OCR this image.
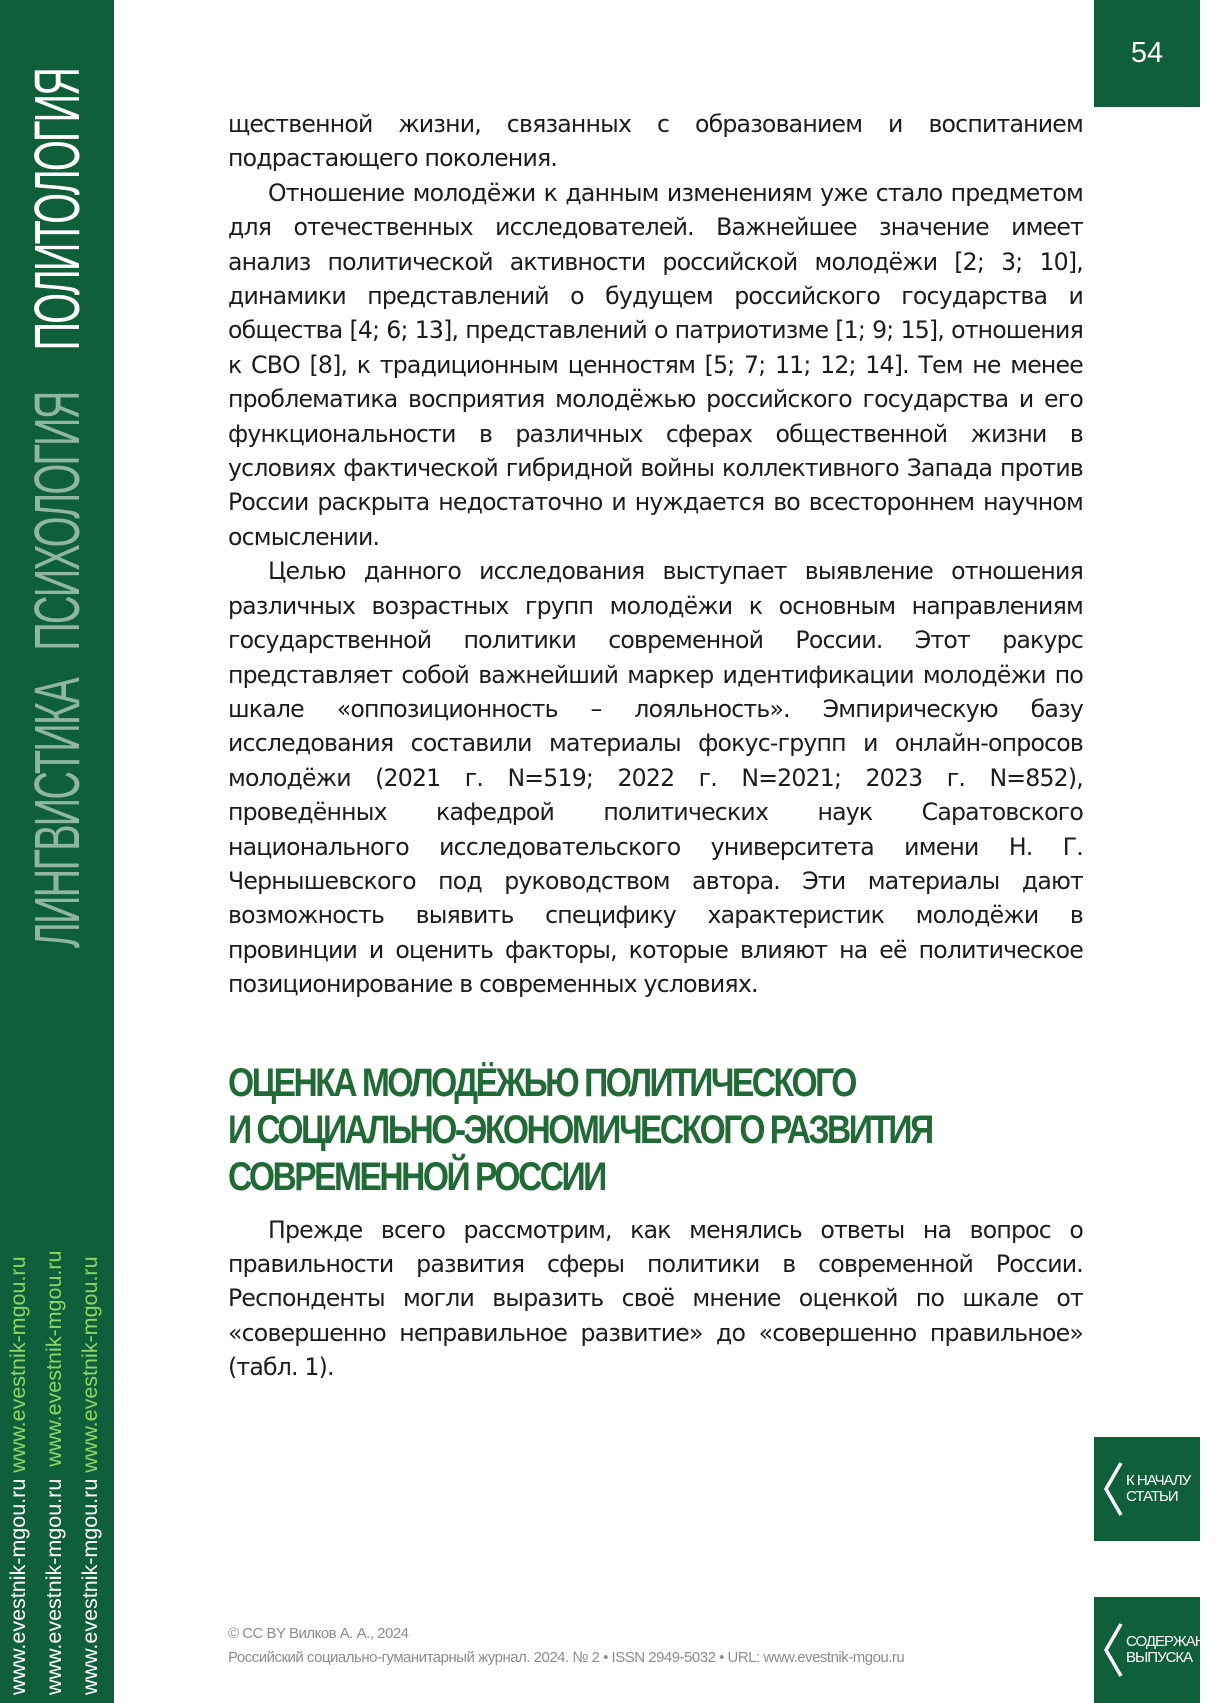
ЛИНГВИСТИКА
ПСИХОЛОГИЯ
ПОЛИТОЛОГИЯ
www.evestnik-mgou.ru www.evestnik-mgou.ru
www.evestnik-mgou.ru  www.evestnik-mgou.ru
www.evestnik-mgou.ru www.evestnik-mgou.ru
54

щественной жизни, связанных с образованием и воспитанием подрастающего поколения.

Отношение молодёжи к данным изменениям уже стало предметом для отечественных исследователей. Важнейшее значение имеет анализ политической активности российской молодёжи [2; 3; 10], динамики представлений о будущем российского государства и общества [4; 6; 13], представлений о патриотизме [1; 9; 15], отношения к СВО [8], к традиционным ценностям [5; 7; 11; 12; 14]. Тем не менее проблематика восприятия молодёжью российского государства и его функциональности в различных сферах общественной жизни в условиях фактической гибридной войны коллективного Запада против России раскрыта недостаточно и нуждается во всестороннем научном осмыслении.

Целью данного исследования выступает выявление отношения различных возрастных групп молодёжи к основным направлениям государственной политики современной России. Этот ракурс представляет собой важнейший маркер идентификации молодёжи по шкале «оппозиционность – лояльность». Эмпирическую базу исследования составили материалы фокус-групп и онлайн-опросов молодёжи (2021 г. N=519; 2022 г. N=2021; 2023 г. N=852), проведённых кафедрой политических наук Саратовского национального исследовательского университета имени Н. Г. Чернышевского под руководством автора. Эти материалы дают возможность выявить специфику характеристик молодёжи в провинции и оценить факторы, которые влияют на её политическое позиционирование в современных условиях.

ОЦЕНКА МОЛОДЁЖЬЮ ПОЛИТИЧЕСКОГО
И СОЦИАЛЬНО-ЭКОНОМИЧЕСКОГО РАЗВИТИЯ
СОВРЕМЕННОЙ РОССИИ

Прежде всего рассмотрим, как менялись ответы на вопрос о правильности развития сферы политики в современной России. Респонденты могли выразить своё мнение оценкой по шкале от «совершенно неправильное развитие» до «совершенно правильное» (табл. 1).

К НАЧАЛУ
СТАТЬИ
СОДЕРЖАНИЕ
ВЫПУСКА
© CC BY Вилков А. А., 2024
Российский социально-гуманитарный журнал. 2024. № 2 • ISSN 2949-5032 • URL: www.evestnik-mgou.ru
